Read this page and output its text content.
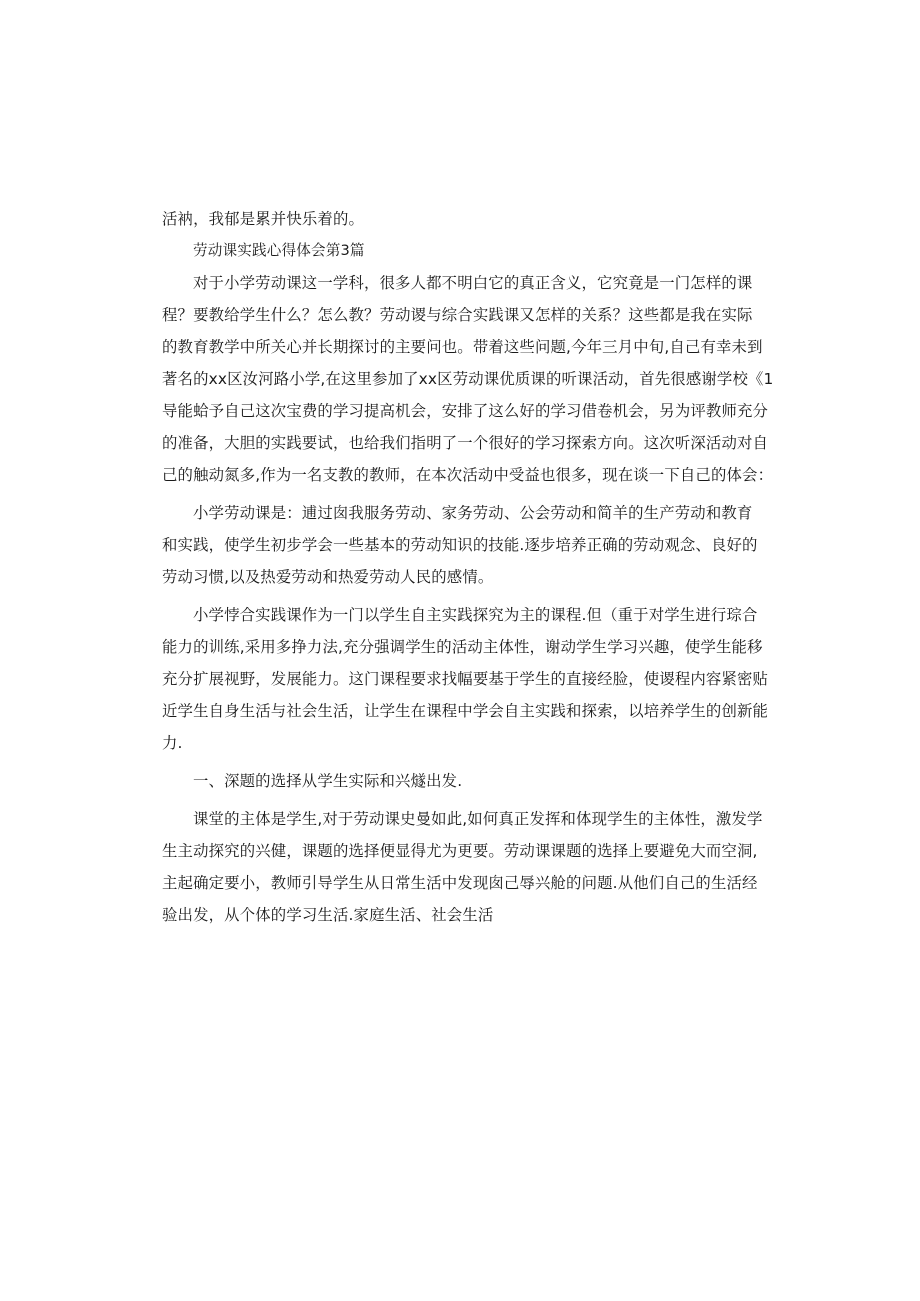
活衲，我郁是累并快乐着的。
劳动课实践心得体会第3篇
对于小学劳动课这一学科，很多人都不明白它的真正含义，它究竟是一门怎样的课
程？要教给学生什么？怎么教？劳动谡与综合实践课又怎样的关系？这些都是我在实际
的教育教学中所关心并长期探讨的主要问也。带着这些问题,今年三月中旬,自己有幸未到
著名的xx区汝河路小学,在这里参加了xx区劳动课优质课的听课活动，首先很感谢学校《1
导能蛤予自己这次宝费的学习提高机会，安排了这么好的学习借卷机会，另为评教师充分
的准备，大胆的实践要试，也给我们指明了一个很好的学习探索方向。这次听深活动对自
己的触动氮多,作为一名支教的教师，在本次活动中受益也很多，现在谈一下自己的体会：
小学劳动课是：逋过囱我服务劳动、家务劳动、公会劳动和简羊的生产劳动和教育
和实践，使学生初步学会一些基本的劳动知识的技能.逐步培养正确的劳动观念、良好的
劳动习惯,以及热爱劳动和热爱劳动人民的感情。
小学悖合实践课作为一门以学生自主实践探究为主的课程.但（重于对学生进行琮合
能力的训练,采用多挣力法,充分强调学生的活动主体性，谢动学生学习兴趣，使学生能移
充分扩展视野，发展能力。这门课程要求找幅要基于学生的直接经脸，使谡程内容紧密贴
近学生自身生活与社会生活，让学生在课程中学会自主实践和探索，以培养学生的创新能
力.
一、深题的选择从学生实际和兴燧出发.
课堂的主体是学生,对于劳动课史曼如此,如何真正发挥和体现学生的主体性，激发学
生主动探究的兴健，课题的选择便显得尤为更要。劳动课课题的选择上要避免大而空洞,
主起确定要小，教师引导学生从日常生活中发现囱己辱兴舱的问题.从他们自己的生活经
验出发，从个体的学习生活.家庭生活、社会生活
